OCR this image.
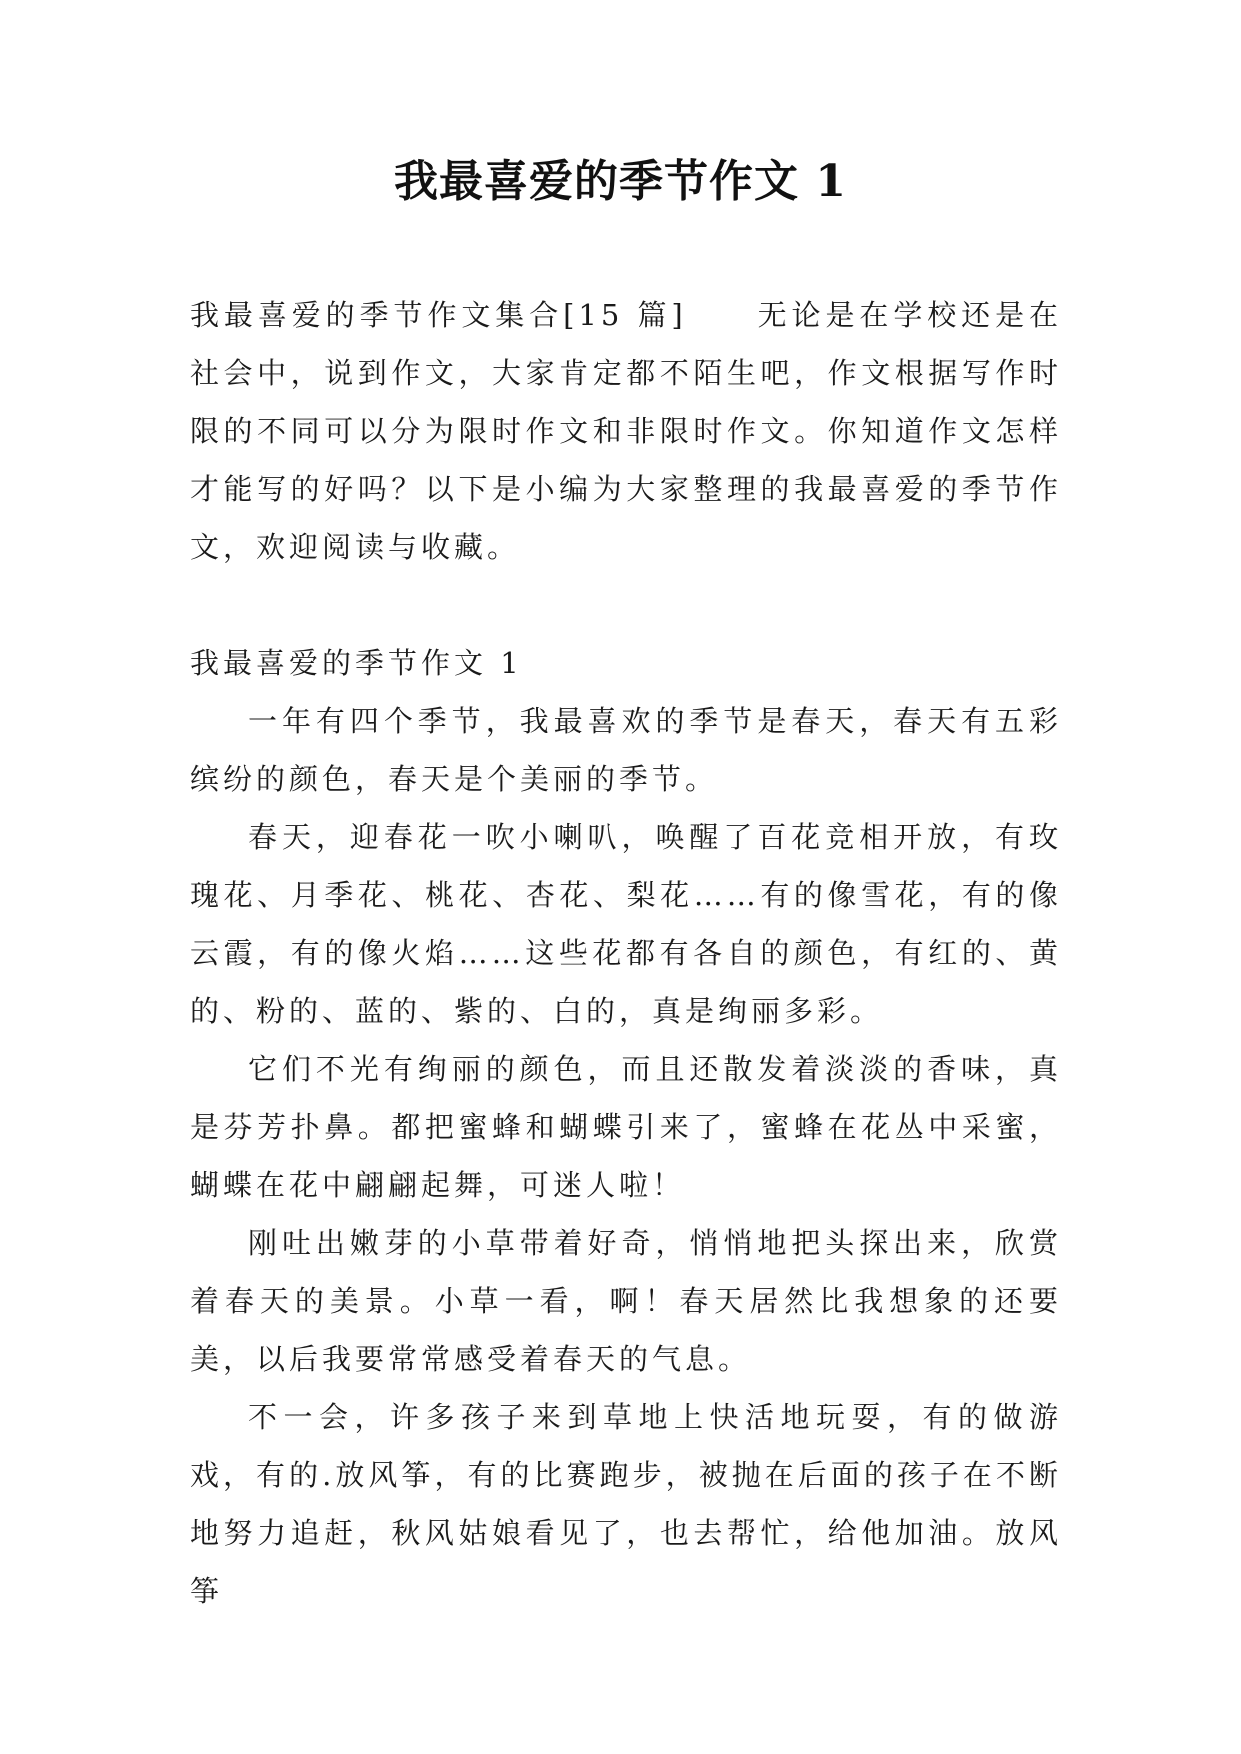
我最喜爱的季节作文 1

我最喜爱的季节作文集合[15 篇] 无论是在学校还是在社会中，说到作文，大家肯定都不陌生吧，作文根据写作时限的不同可以分为限时作文和非限时作文。你知道作文怎样才能写的好吗？以下是小编为大家整理的我最喜爱的季节作文，欢迎阅读与收藏。

我最喜爱的季节作文 1

一年有四个季节，我最喜欢的季节是春天，春天有五彩缤纷的颜色，春天是个美丽的季节。

春天，迎春花一吹小喇叭，唤醒了百花竞相开放，有玫瑰花、月季花、桃花、杏花、梨花……有的像雪花，有的像云霞，有的像火焰……这些花都有各自的颜色，有红的、黄的、粉的、蓝的、紫的、白的，真是绚丽多彩。

它们不光有绚丽的颜色，而且还散发着淡淡的香味，真是芬芳扑鼻。都把蜜蜂和蝴蝶引来了，蜜蜂在花丛中采蜜，蝴蝶在花中翩翩起舞，可迷人啦！

刚吐出嫩芽的小草带着好奇，悄悄地把头探出来，欣赏着春天的美景。小草一看，啊！春天居然比我想象的还要美，以后我要常常感受着春天的气息。

不一会，许多孩子来到草地上快活地玩耍，有的做游戏，有的.放风筝，有的比赛跑步，被抛在后面的孩子在不断地努力追赶，秋风姑娘看见了，也去帮忙，给他加油。放风筝
